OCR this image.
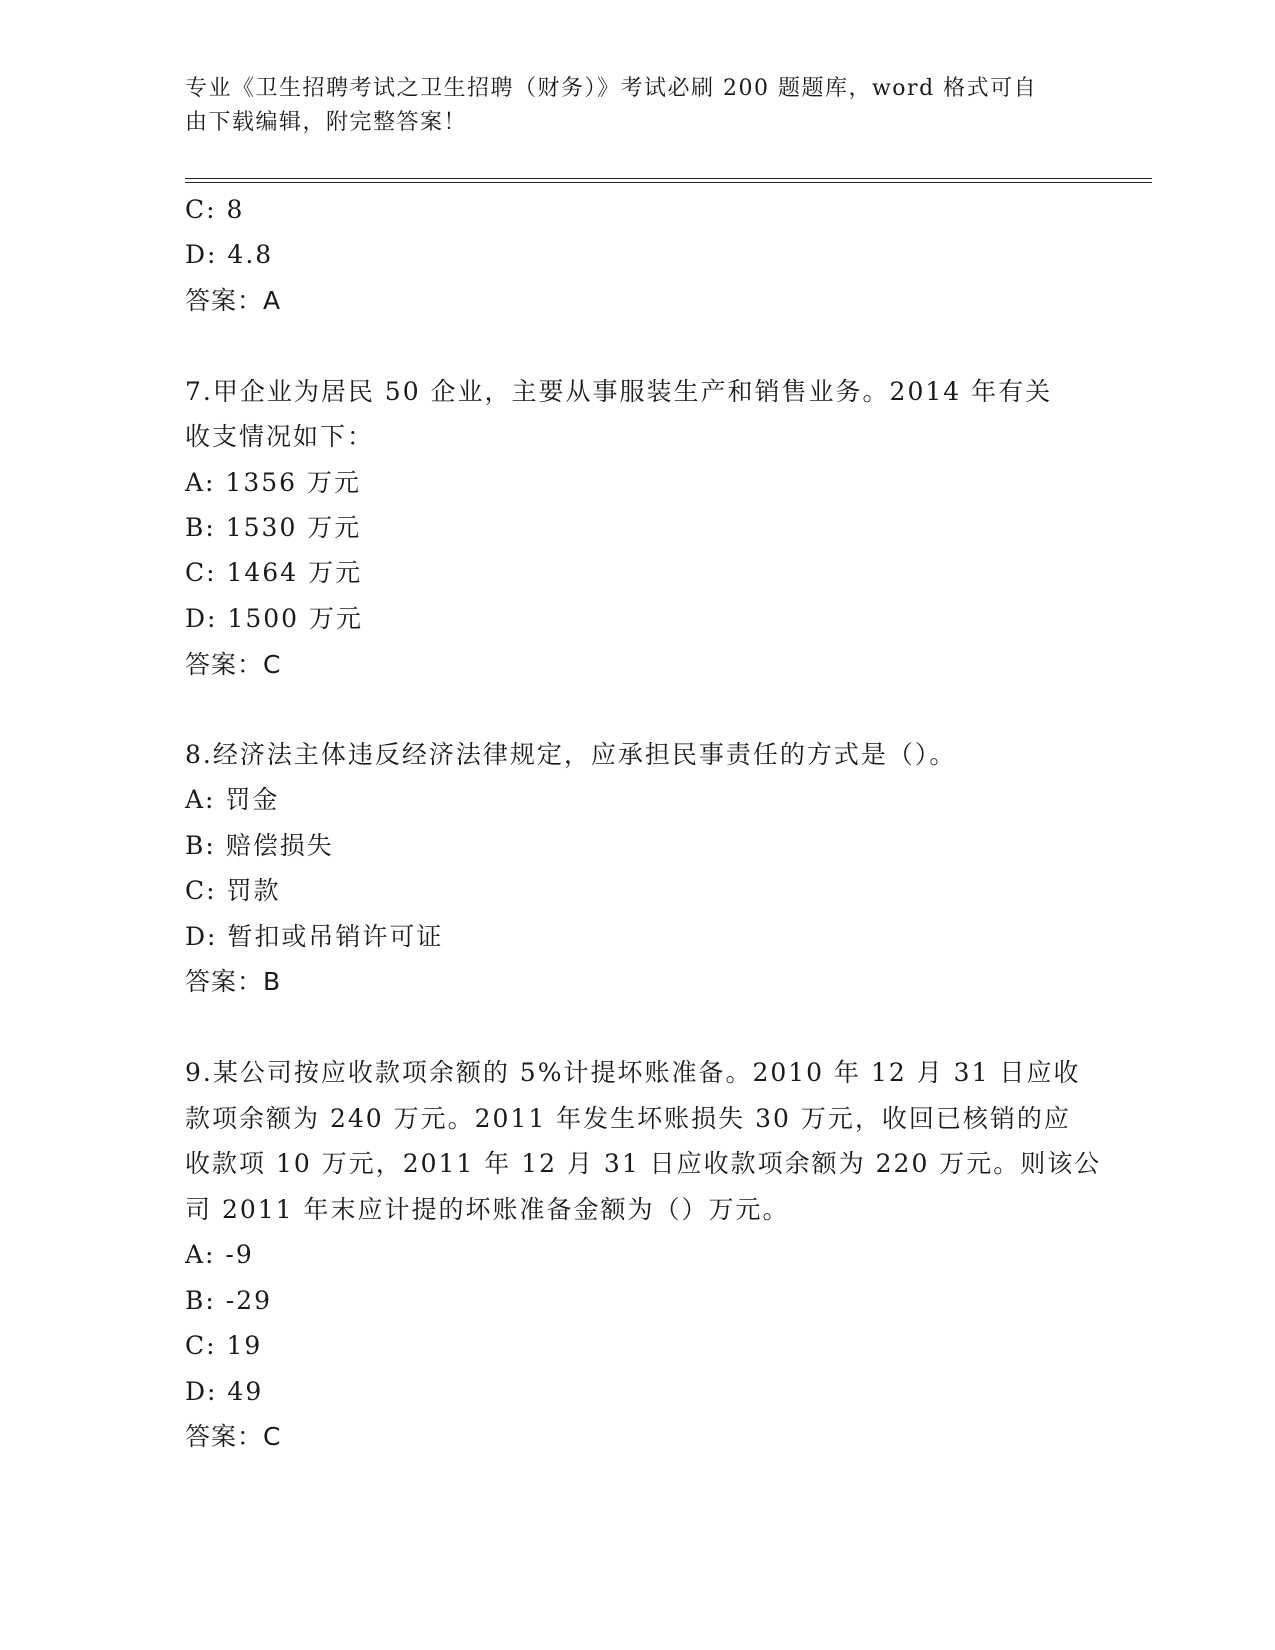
专业《卫生招聘考试之卫生招聘（财务）》考试必刷 200 题题库，word 格式可自
由下载编辑，附完整答案！
C: 8
D: 4.8
答案：A
7.甲企业为居民 50 企业，主要从事服装生产和销售业务。2014 年有关
收支情况如下：
A: 1356 万元
B: 1530 万元
C: 1464 万元
D: 1500 万元
答案：C
8.经济法主体违反经济法律规定，应承担民事责任的方式是（）。
A: 罚金
B: 赔偿损失
C: 罚款
D: 暂扣或吊销许可证
答案：B
9.某公司按应收款项余额的 5%计提坏账准备。2010 年 12 月 31 日应收
款项余额为 240 万元。2011 年发生坏账损失 30 万元，收回已核销的应
收款项 10 万元，2011 年 12 月 31 日应收款项余额为 220 万元。则该公
司 2011 年末应计提的坏账准备金额为（）万元。
A: -9
B: -29
C: 19
D: 49
答案：C
